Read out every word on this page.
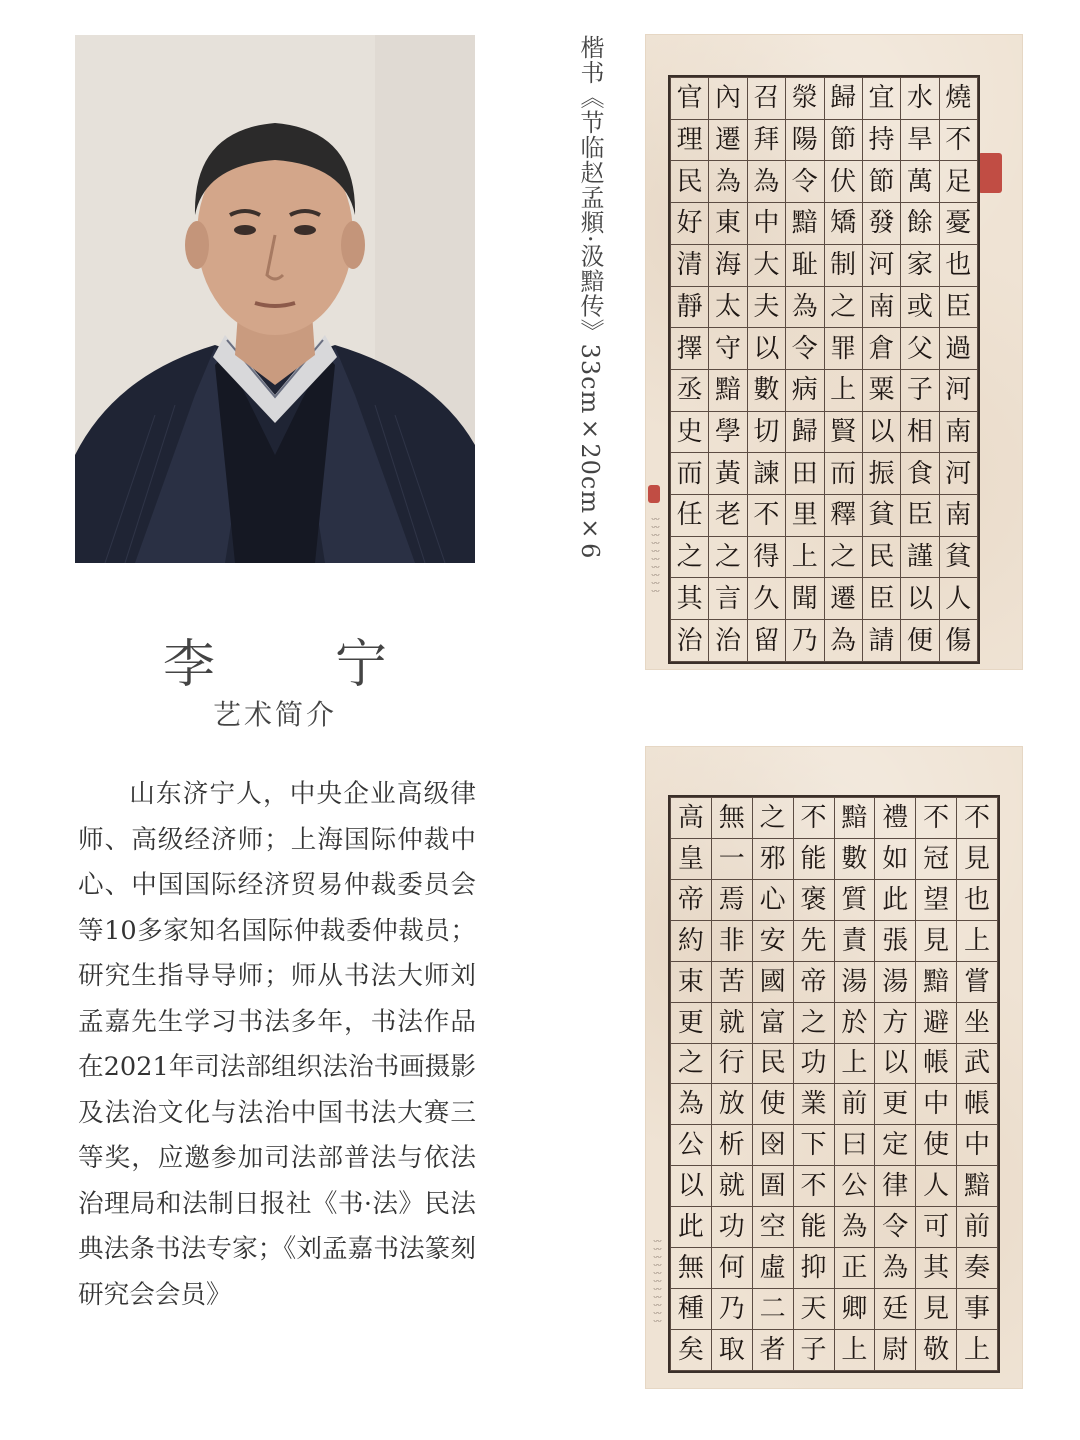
李　宁
艺术简介

山东济宁人，中央企业高级律师、高级经济师；上海国际仲裁中心、中国国际经济贸易仲裁委员会等10多家知名国际仲裁委仲裁员；研究生指导导师；师从书法大师刘孟嘉先生学习书法多年，书法作品在2021年司法部组织法治书画摄影及法治文化与法治中国书法大赛三等奖，应邀参加司法部普法与依法治理局和法制日报社《书·法》民法典法条书法专家；《刘孟嘉书法篆刻研究会会员》

楷书《节临赵孟頫·汲黯传》33cm×20cm×6	〰〰〰〰〰〰〰〰〰〰
官	內	召	滎	歸	宜	水	燒
理	遷	拜	陽	節	持	旱	不
民	為	為	令	伏	節	萬	足
好	東	中	黯	矯	發	餘	憂
清	海	大	耻	制	河	家	也
靜	太	夫	為	之	南	或	臣
擇	守	以	令	罪	倉	父	過
丞	黯	數	病	上	粟	子	河
史	學	切	歸	賢	以	相	南
而	黃	諫	田	而	振	食	河
任	老	不	里	釋	貧	臣	南
之	之	得	上	之	民	謹	貧
其	言	久	聞	遷	臣	以	人
治	治	留	乃	為	請	便	傷
〰〰〰〰〰〰〰〰〰〰〰
高	無	之	不	黯	禮	不	不
皇	一	邪	能	數	如	冠	見
帝	焉	心	褒	質	此	望	也
約	非	安	先	責	張	見	上
束	苦	國	帝	湯	湯	黯	嘗
更	就	富	之	於	方	避	坐
之	行	民	功	上	以	帳	武
為	放	使	業	前	更	中	帳
公	析	囹	下	曰	定	使	中
以	就	圄	不	公	律	人	黯
此	功	空	能	為	令	可	前
無	何	虛	抑	正	為	其	奏
種	乃	二	天	卿	廷	見	事
矣	取	者	子	上	尉	敬	上
